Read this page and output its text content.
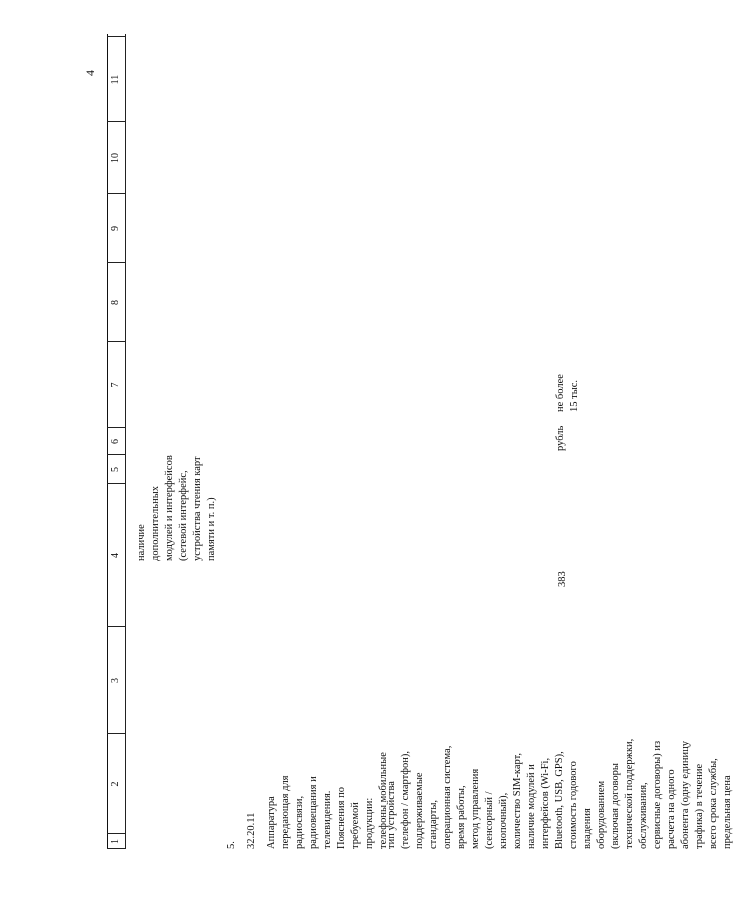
4
1
2
3
4
5
6
7
8
9
10
11
наличие
дополнительных
модулей и интерфейсов
(сетевой интерфейс,
устройства чтения карт
памяти и т. п.)
5. 32.20.11 Аппаратура
передающая для
радиосвязи,
радиовещания и
телевидения.
Пояснения по
требуемой
продукции:
телефоны мобильные
тип устройства
(телефон / смартфон),
поддерживаемые
стандарты,
операционная система,
время работы,
метод управления
(сенсорный /
кнопочный),
количество SIM-карт,
наличие модулей и
интерфейсов (Wi-Fi,
Bluetooth, USB, GPS),
стоимость годового
владения
оборудованием
(включая договоры
технической поддержки,
обслуживания,
сервисные договоры) из
расчета на одного
абонента (одну единицу
трафика) в течение
всего срока службы,
предельная цена
383
рубль
не более
15 тыс.
